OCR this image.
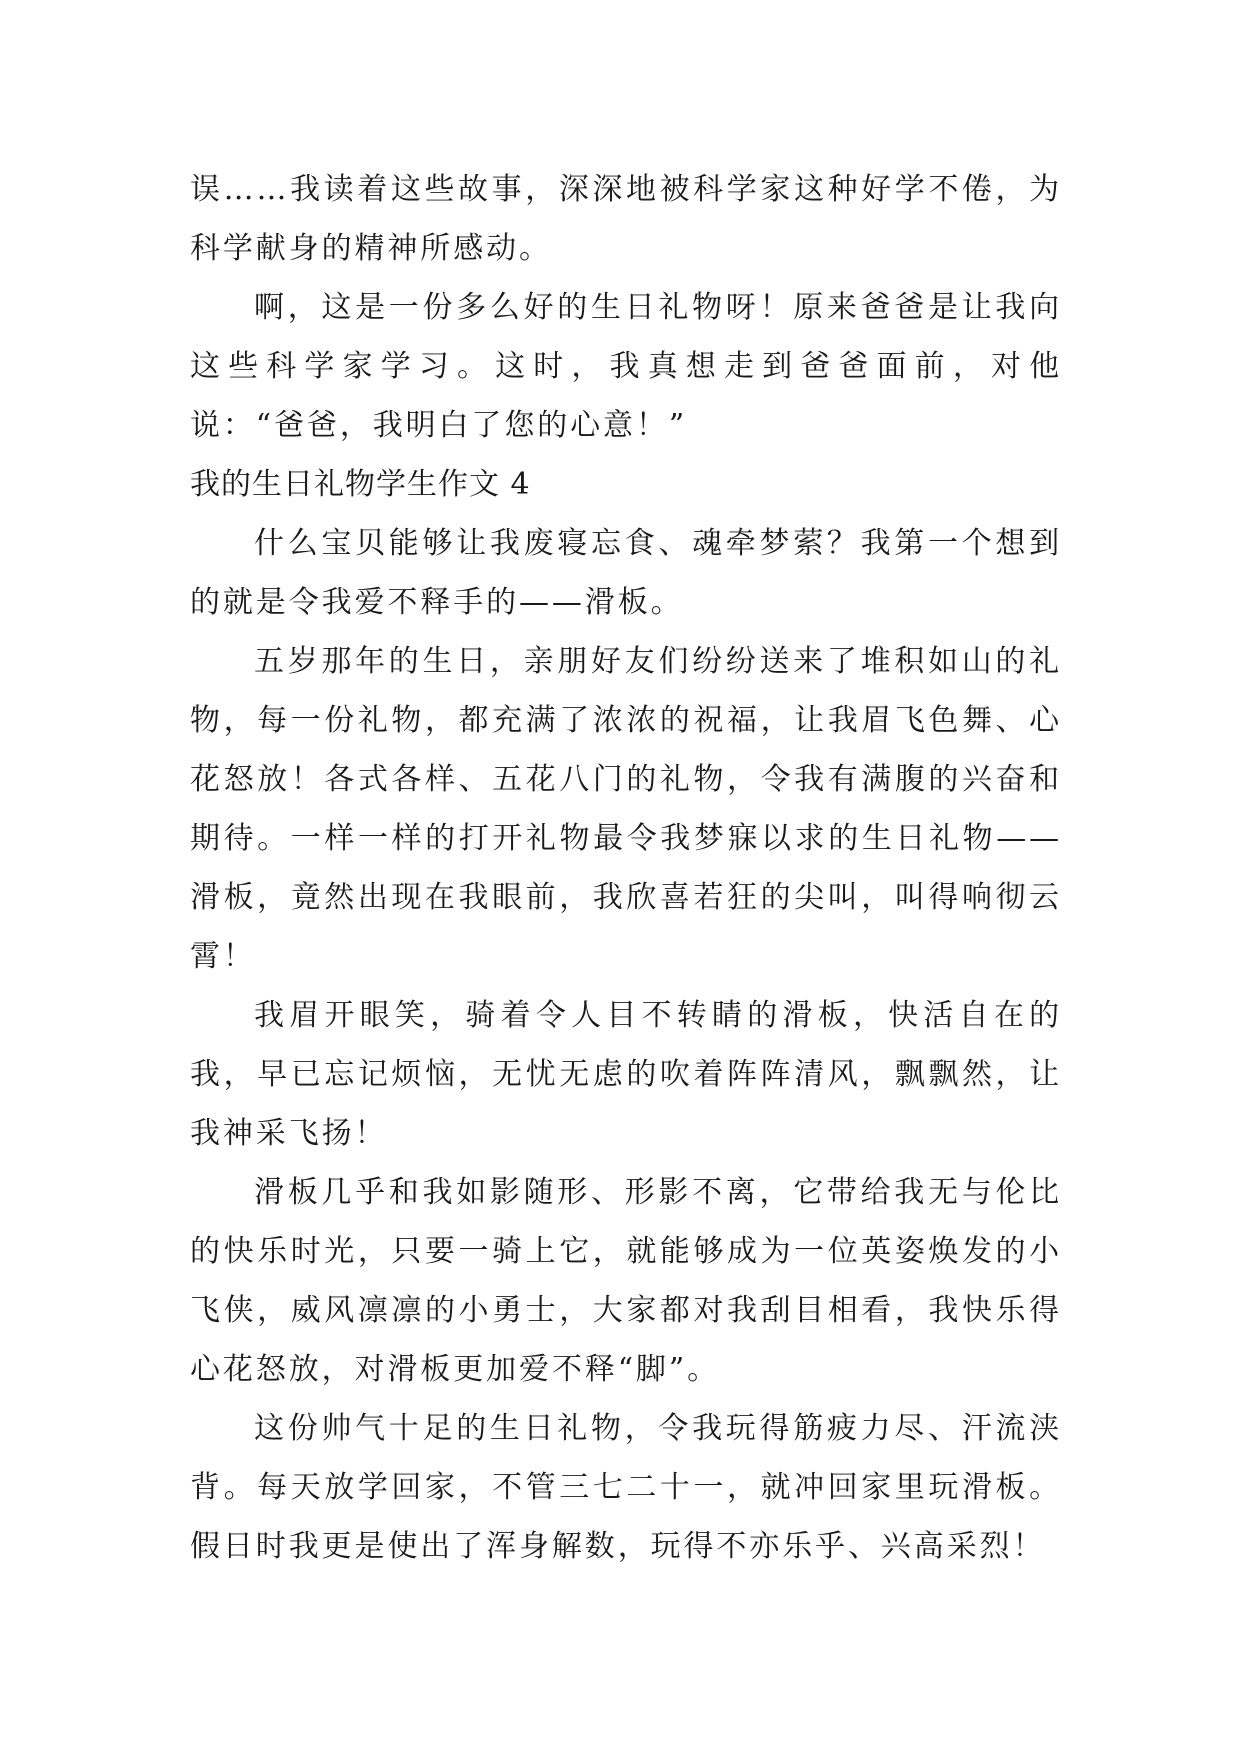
误……我读着这些故事，深深地被科学家这种好学不倦，为科学献身的精神所感动。

啊，这是一份多么好的生日礼物呀！原来爸爸是让我向这些科学家学习。这时，我真想走到爸爸面前，对他说：“爸爸，我明白了您的心意！”

我的生日礼物学生作文 4

什么宝贝能够让我废寝忘食、魂牵梦萦？我第一个想到的就是令我爱不释手的——滑板。

五岁那年的生日，亲朋好友们纷纷送来了堆积如山的礼物，每一份礼物，都充满了浓浓的祝福，让我眉飞色舞、心花怒放！各式各样、五花八门的礼物，令我有满腹的兴奋和期待。一样一样的打开礼物最令我梦寐以求的生日礼物——滑板，竟然出现在我眼前，我欣喜若狂的尖叫，叫得响彻云霄！

我眉开眼笑，骑着令人目不转睛的滑板，快活自在的我，早已忘记烦恼，无忧无虑的吹着阵阵清风，飘飘然，让我神采飞扬！

滑板几乎和我如影随形、形影不离，它带给我无与伦比的快乐时光，只要一骑上它，就能够成为一位英姿焕发的小飞侠，威风凛凛的小勇士，大家都对我刮目相看，我快乐得心花怒放，对滑板更加爱不释“脚”。

这份帅气十足的生日礼物，令我玩得筋疲力尽、汗流浃背。每天放学回家，不管三七二十一，就冲回家里玩滑板。假日时我更是使出了浑身解数，玩得不亦乐乎、兴高采烈！
